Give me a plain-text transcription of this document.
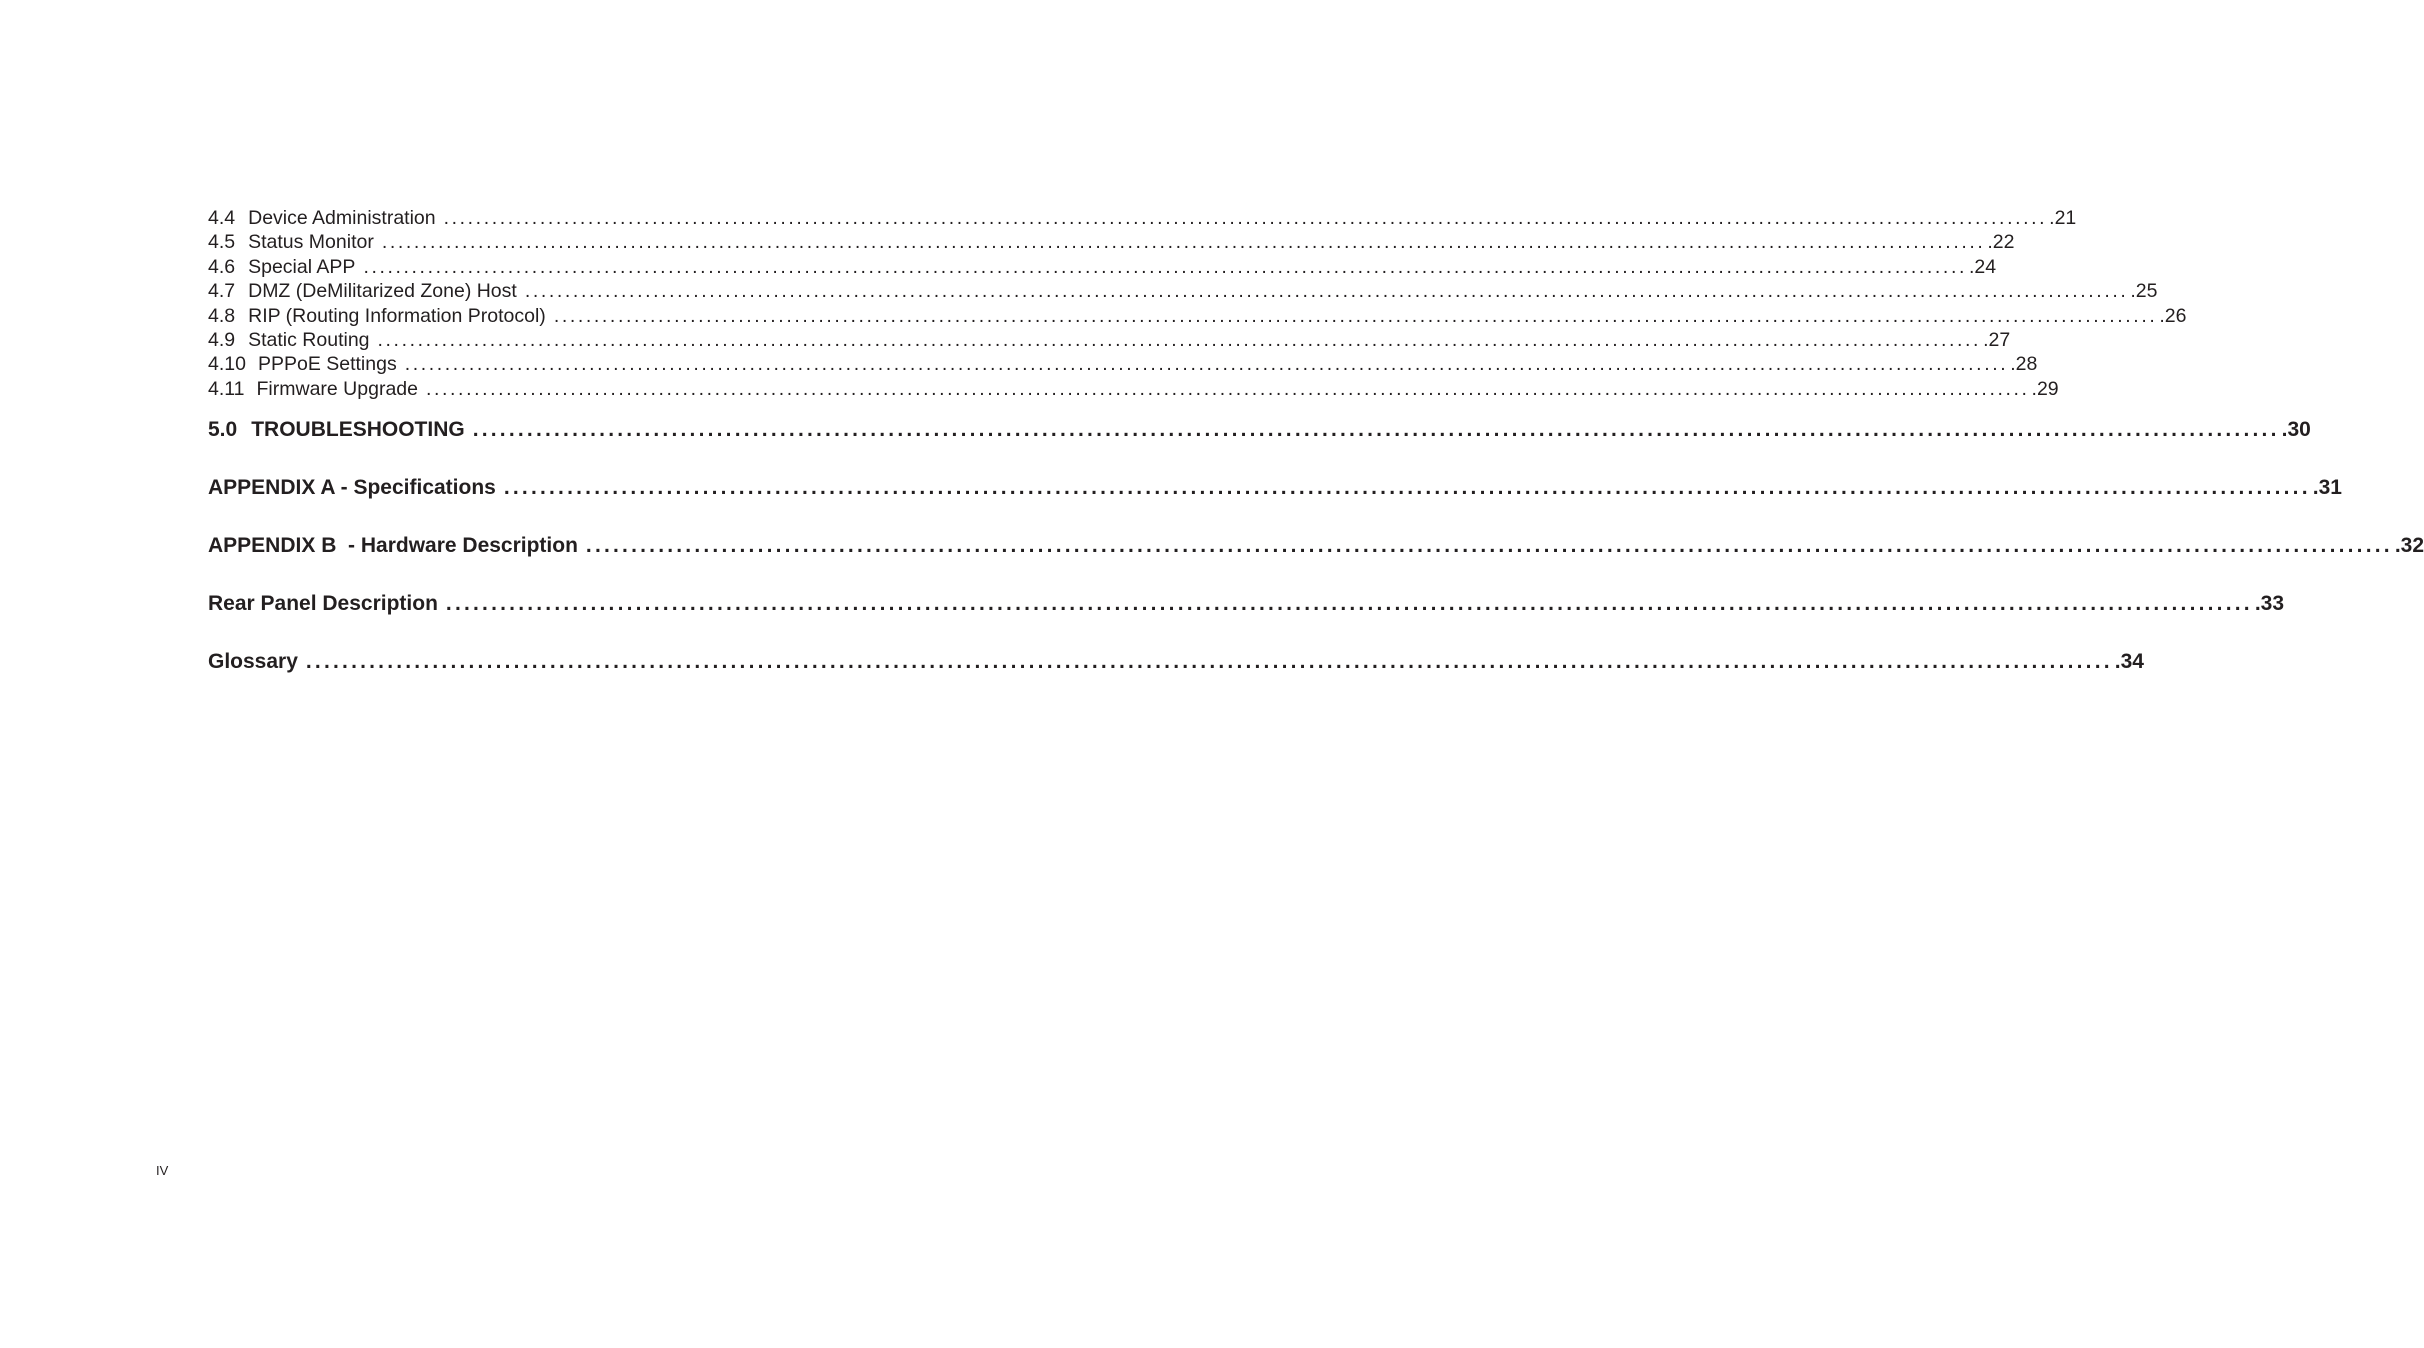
4.4 Device Administration ........................................................................................................................................................................................................ .21
4.5 Status Monitor ........................................................................................................................................................................................................ .22
4.6 Special APP ........................................................................................................................................................................................................ .24
4.7 DMZ (DeMilitarized Zone) Host ........................................................................................................................................................................................................ .25
4.8 RIP (Routing Information Protocol) ........................................................................................................................................................................................................ .26
4.9 Static Routing ........................................................................................................................................................................................................ .27
4.10 PPPoE Settings ........................................................................................................................................................................................................ .28
4.11 Firmware Upgrade ........................................................................................................................................................................................................ .29
5.0 TROUBLESHOOTING ........................................................................................................................................................................................................ .30
APPENDIX A - Specifications ........................................................................................................................................................................................................ .31
APPENDIX B  - Hardware Description ........................................................................................................................................................................................................ .32
Rear Panel Description ........................................................................................................................................................................................................ .33
Glossary ........................................................................................................................................................................................................ .34
IV
